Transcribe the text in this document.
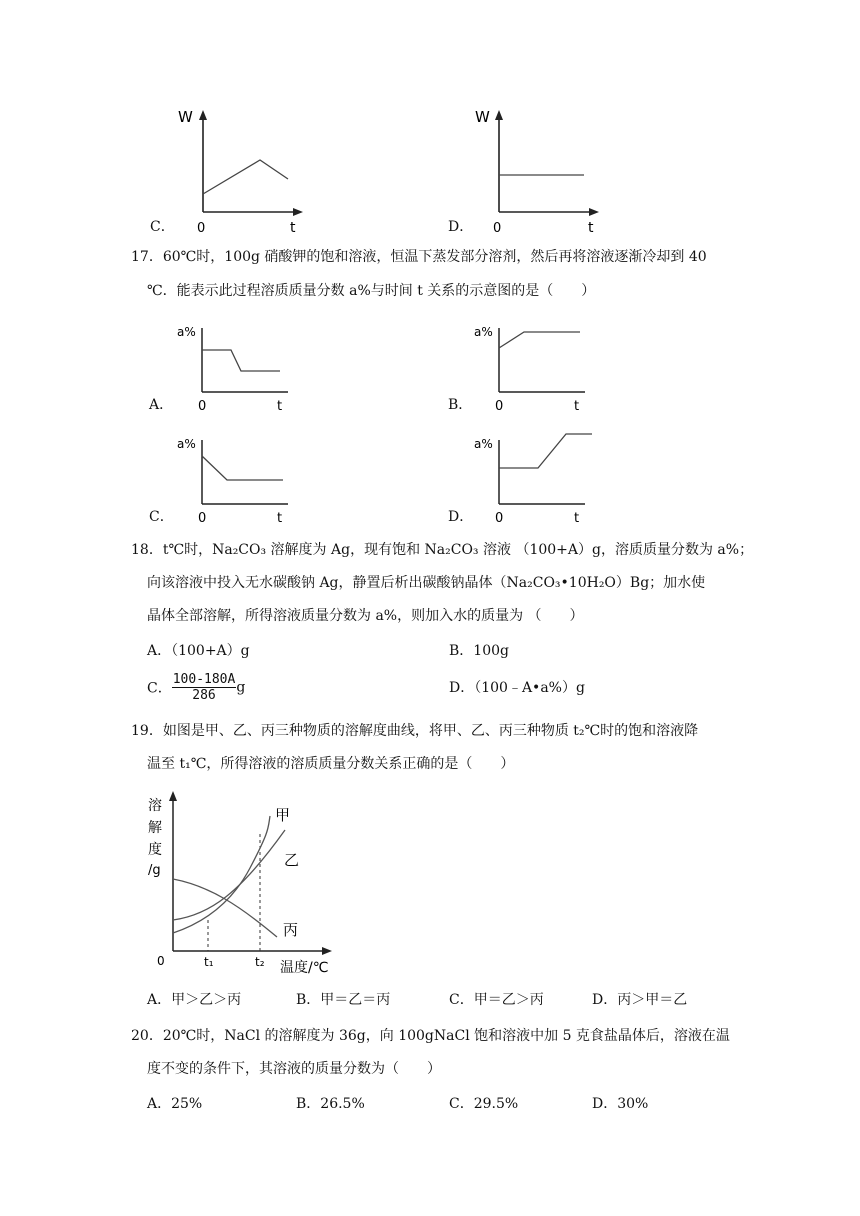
W
0	t
C．
W
0	t
D．
17．60℃时，100g 硝酸钾的饱和溶液，恒温下蒸发部分溶剂，然后再将溶液逐渐冷却到 40
℃．能表示此过程溶质质量分数 a%与时间 t 关系的示意图的是（　　）
a%
0	t
A．
a%
0	t
B．
a%
0	t
C．
a%
0	t
D．
18．t℃时，Na₂CO₃ 溶解度为 Ag，现有饱和 Na₂CO₃ 溶液 （100+A）g，溶质质量分数为 a%；
向该溶液中投入无水碳酸钠 Ag，静置后析出碳酸钠晶体（Na₂CO₃•10H₂O）Bg；加水使
晶体全部溶解，所得溶液质量分数为 a%，则加入水的质量为 （　　）
A．（100+A）g	B．100g
C． $\frac{100-180A}{286}$ g	D．（100﹣A•a%）g
19．如图是甲、乙、丙三种物质的溶解度曲线，将甲、乙、丙三种物质 t₂℃时的饱和溶液降
温至 t₁℃，所得溶液的溶质质量分数关系正确的是（　　）
溶
解
度
/g
甲
乙
丙
0	t₁	t₂ 温度/℃
A．甲＞乙＞丙	B．甲＝乙＝丙	C．甲＝乙＞丙	D．丙＞甲＝乙
20．20℃时，NaCl 的溶解度为 36g，向 100gNaCl 饱和溶液中加 5 克食盐晶体后，溶液在温
度不变的条件下，其溶液的质量分数为（　　）
A．25%	B．26.5%	C．29.5%	D．30%
